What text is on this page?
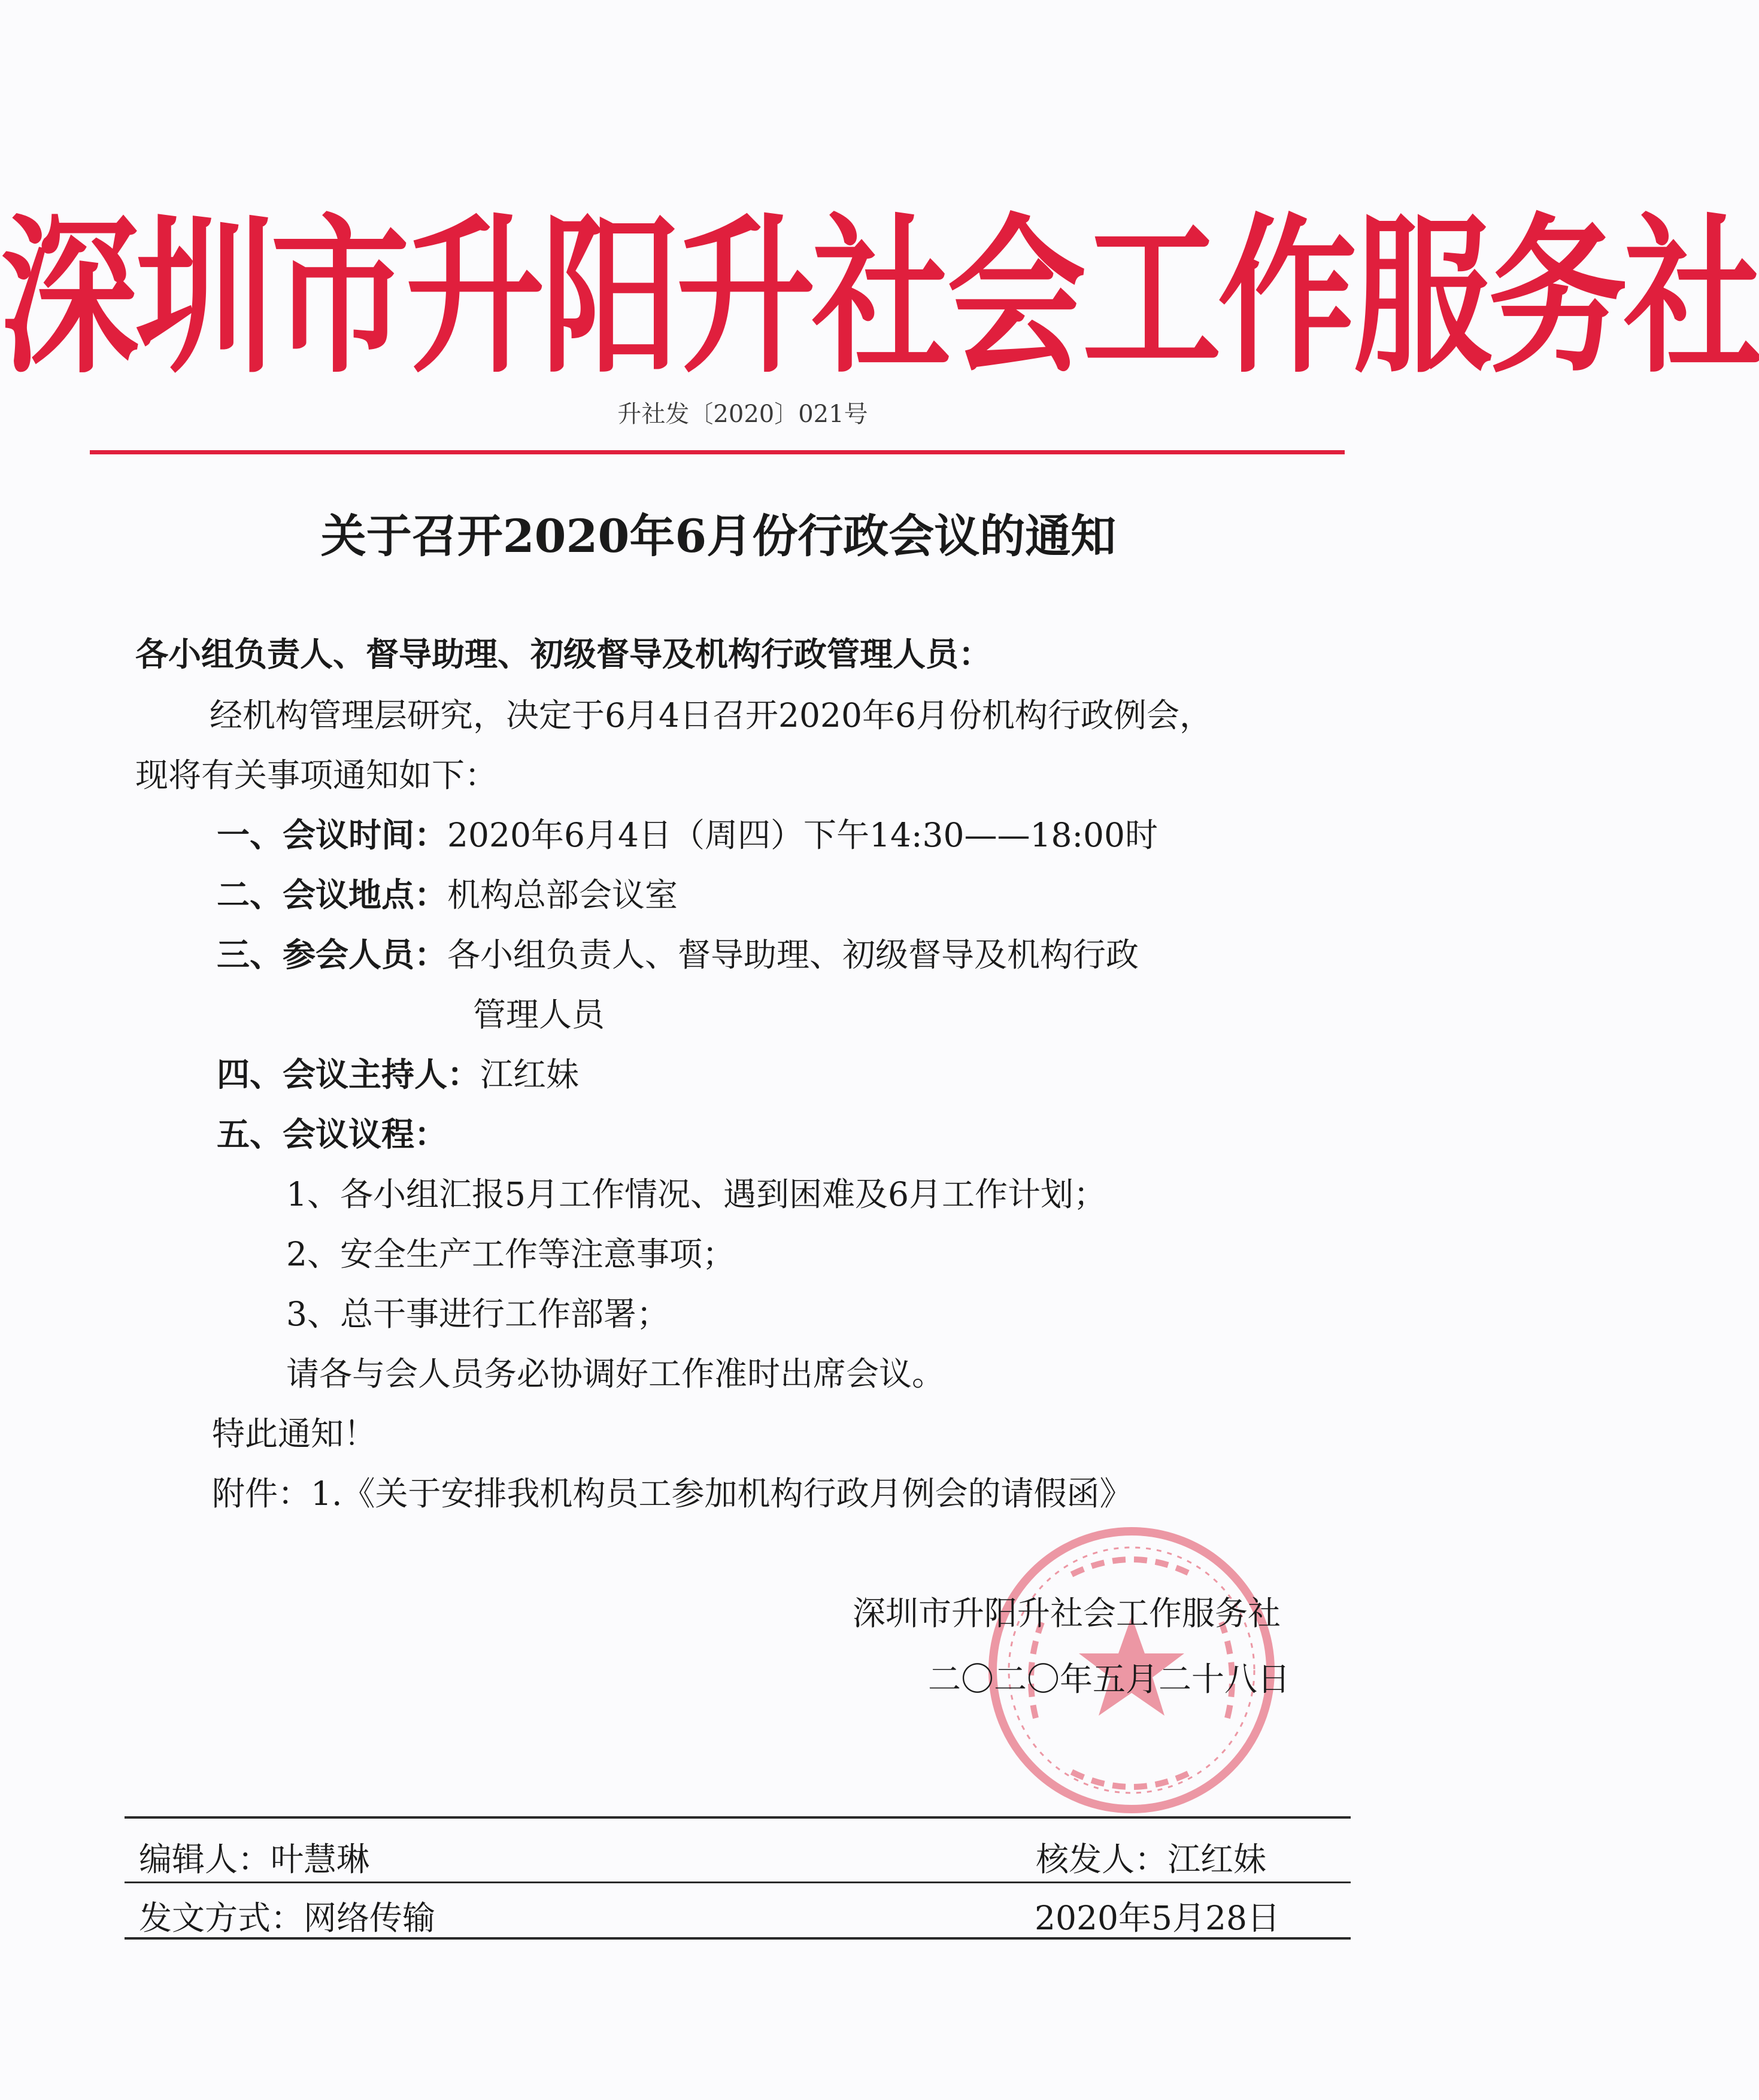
深圳市升阳升社会工作服务社
升社发〔2020〕021号
关于召开2020年6月份行政会议的通知
各小组负责人、督导助理、初级督导及机构行政管理人员：
经机构管理层研究，决定于6月4日召开2020年6月份机构行政例会，
现将有关事项通知如下：
一、会议时间：2020年6月4日（周四）下午14:30——18:00时
二、会议地点：机构总部会议室
三、参会人员：各小组负责人、督导助理、初级督导及机构行政
管理人员
四、会议主持人：江红妹
五、会议议程：
1、各小组汇报5月工作情况、遇到困难及6月工作计划；
2、安全生产工作等注意事项；
3、总干事进行工作部署；
请各与会人员务必协调好工作准时出席会议。
特此通知！
附件：1.《关于安排我机构员工参加机构行政月例会的请假函》
深圳市升阳升社会工作服务社
二〇二〇年五月二十八日
编辑人：叶慧琳	核发人：江红妹
发文方式：网络传输	2020年5月28日
